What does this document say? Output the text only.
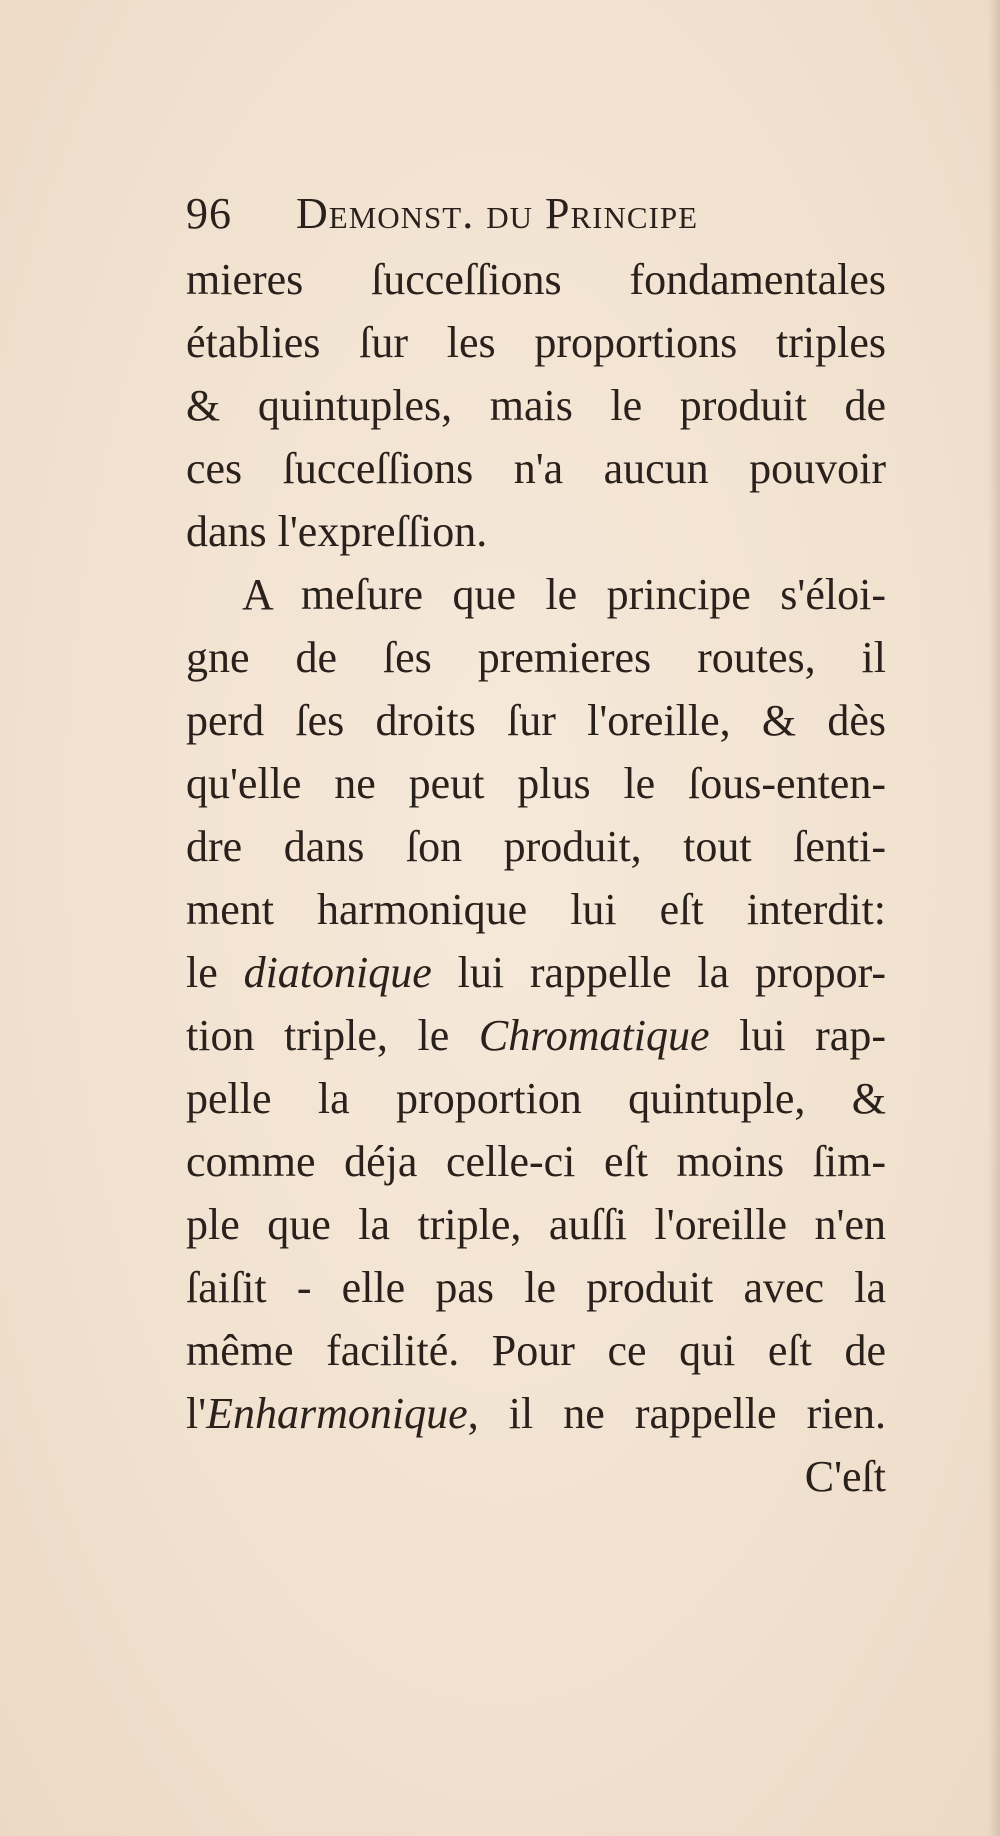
96 Demonst. du Principe
mieres ſucceſſions fondamentales
établies ſur les proportions triples
& quintuples, mais le produit de
ces ſucceſſions n'a aucun pouvoir
dans l'expreſſion.
A meſure que le principe s'éloi-
gne de ſes premieres routes, il
perd ſes droits ſur l'oreille, & dès
qu'elle ne peut plus le ſous-enten-
dre dans ſon produit, tout ſenti-
ment harmonique lui eſt interdit:
le diatonique lui rappelle la propor-
tion triple, le Chromatique lui rap-
pelle la proportion quintuple, &
comme déja celle-ci eſt moins ſim-
ple que la triple, auſſi l'oreille n'en
ſaiſit - elle pas le produit avec la
même facilité. Pour ce qui eſt de
l'Enharmonique, il ne rappelle rien.
C'eſt
